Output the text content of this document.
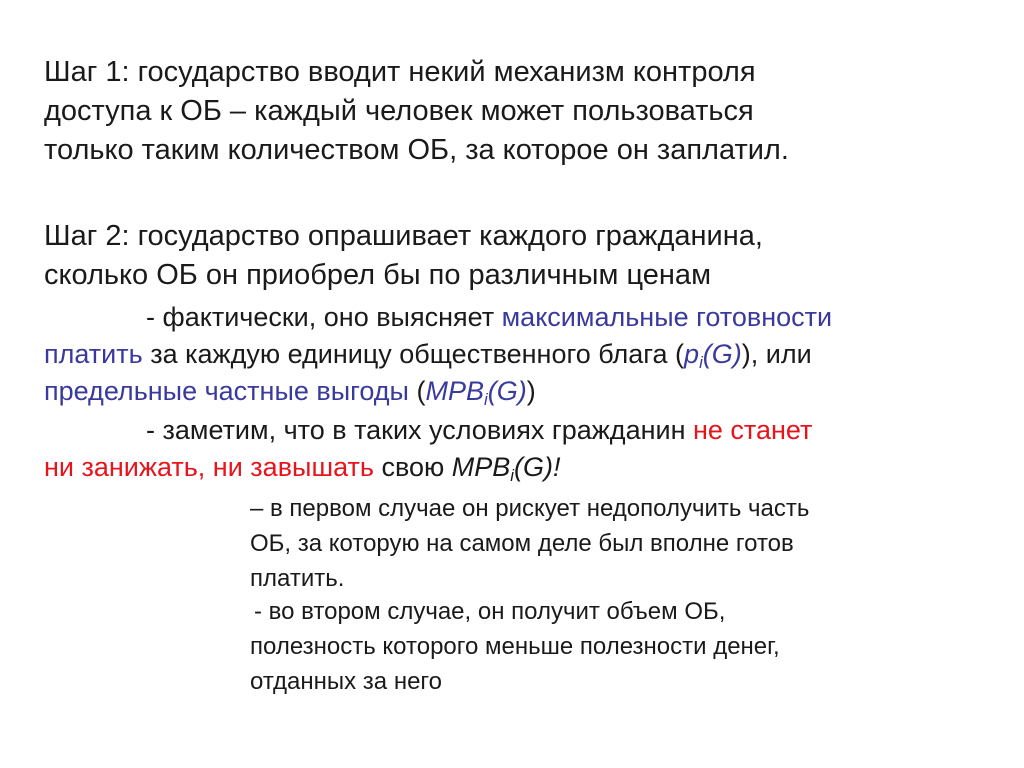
Шаг 1: государство вводит некий механизм контроля
доступа к ОБ – каждый человек может пользоваться
только таким количеством ОБ, за которое он заплатил.
Шаг 2: государство опрашивает каждого гражданина,
сколько ОБ он приобрел бы по различным ценам
- фактически, оно выясняет максимальные готовности
платить за каждую единицу общественного блага $(p_i(G))$, или
предельные частные выгоды $(MPB_i(G))$
- заметим, что в таких условиях гражданин не станет
ни занижать, ни завышать свою $MPB_i(G)$!
– в первом случае он рискует недополучить часть
ОБ, за которую на самом деле был вполне готов
платить.
- во втором случае, он получит объем ОБ,
полезность которого меньше полезности денег,
отданных за него
